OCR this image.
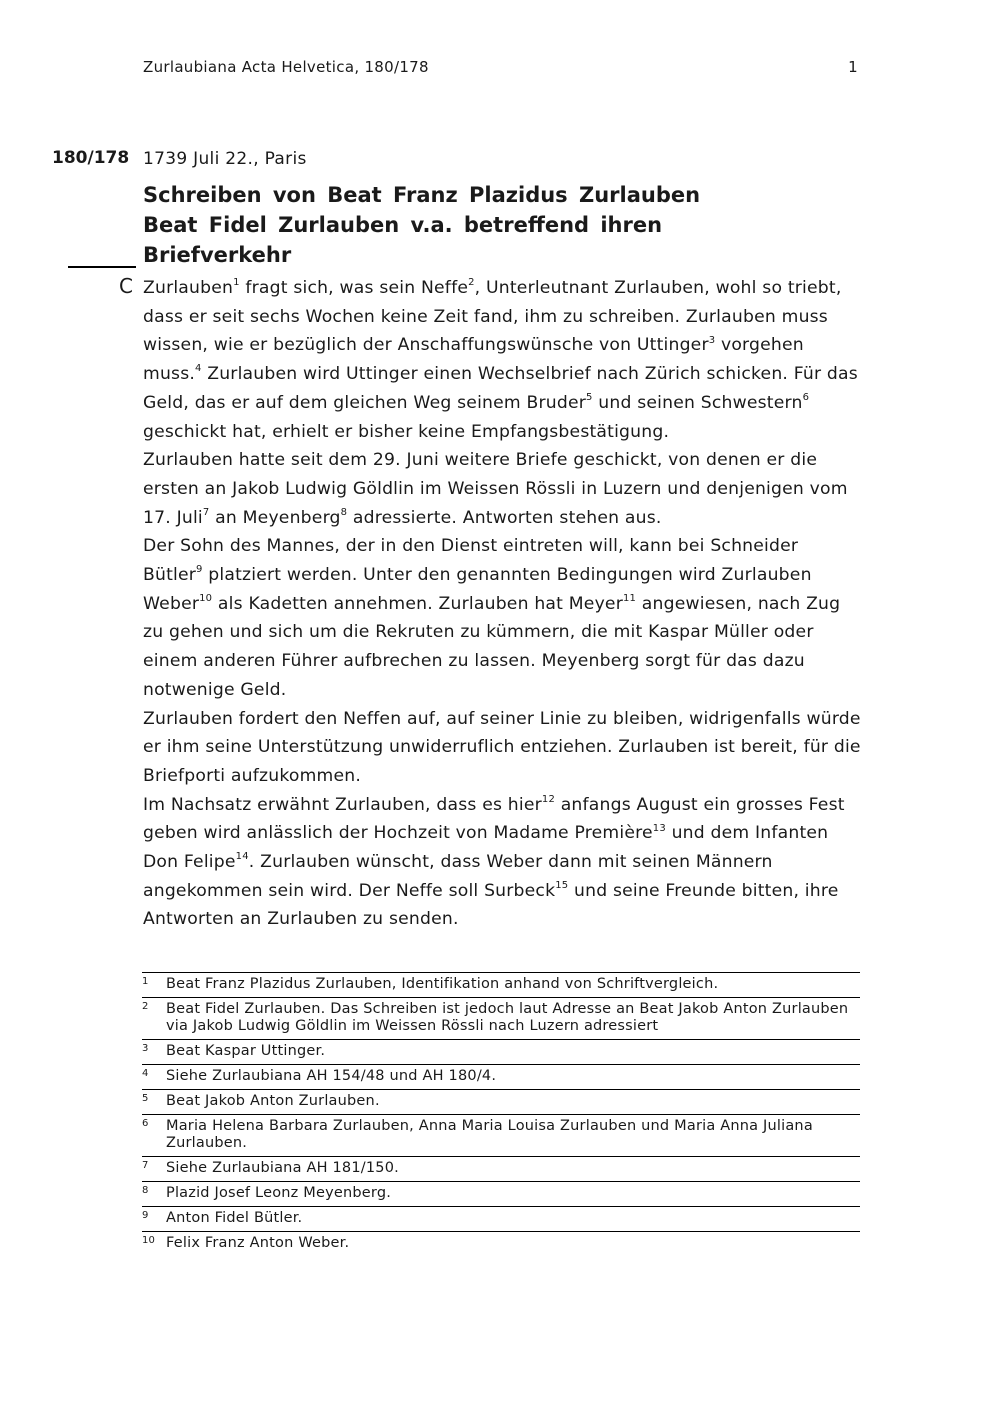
Zurlaubiana Acta Helvetica, 180/178	1
180/178 1739 Juli 22., Paris
Schreiben von Beat Franz Plazidus Zurlauben Beat Fidel Zurlauben v.a. betreffend ihren Briefverkehr
C Zurlauben$^1$ fragt sich, was sein Neffe$^2$, Unterleutnant Zurlauben, wohl so triebt, dass er seit sechs Wochen keine Zeit fand, ihm zu schreiben. Zurlauben muss wissen, wie er bezüglich der Anschaffungswünsche von Uttinger$^3$ vorgehen muss.$^4$ Zurlauben wird Uttinger einen Wechselbrief nach Zürich schicken. Für das Geld, das er auf dem gleichen Weg seinem Bruder$^5$ und seinen Schwestern$^6$ geschickt hat, erhielt er bisher keine Empfangsbestätigung.

Zurlauben hatte seit dem 29. Juni weitere Briefe geschickt, von denen er die ersten an Jakob Ludwig Göldlin im Weissen Rössli in Luzern und denjenigen vom 17. Juli$^7$ an Meyenberg$^8$ adressierte. Antworten stehen aus.

Der Sohn des Mannes, der in den Dienst eintreten will, kann bei Schneider Bütler$^9$ platziert werden. Unter den genannten Bedingungen wird Zurlauben Weber$^{10}$ als Kadetten annehmen. Zurlauben hat Meyer$^{11}$ angewiesen, nach Zug zu gehen und sich um die Rekruten zu kümmern, die mit Kaspar Müller oder einem anderen Führer aufbrechen zu lassen. Meyenberg sorgt für das dazu notwenige Geld.

Zurlauben fordert den Neffen auf, auf seiner Linie zu bleiben, widrigenfalls würde er ihm seine Unterstützung unwiderruflich entziehen. Zurlauben ist bereit, für die Briefporti aufzukommen.

Im Nachsatz erwähnt Zurlauben, dass es hier$^{12}$ anfangs August ein grosses Fest geben wird anlässlich der Hochzeit von Madame Première$^{13}$ und dem Infanten Don Felipe$^{14}$. Zurlauben wünscht, dass Weber dann mit seinen Männern angekommen sein wird. Der Neffe soll Surbeck$^{15}$ und seine Freunde bitten, ihre Antworten an Zurlauben zu senden.

1	Beat Franz Plazidus Zurlauben, Identifikation anhand von Schriftvergleich.
2	Beat Fidel Zurlauben. Das Schreiben ist jedoch laut Adresse an Beat Jakob Anton Zurlauben via Jakob Ludwig Göldlin im Weissen Rössli nach Luzern adressiert
3	Beat Kaspar Uttinger.
4	Siehe Zurlaubiana AH 154/48 und AH 180/4.
5	Beat Jakob Anton Zurlauben.
6	Maria Helena Barbara Zurlauben, Anna Maria Louisa Zurlauben und Maria Anna Juliana Zurlauben.
7	Siehe Zurlaubiana AH 181/150.
8	Plazid Josef Leonz Meyenberg.
9	Anton Fidel Bütler.
10 Felix Franz Anton Weber.
